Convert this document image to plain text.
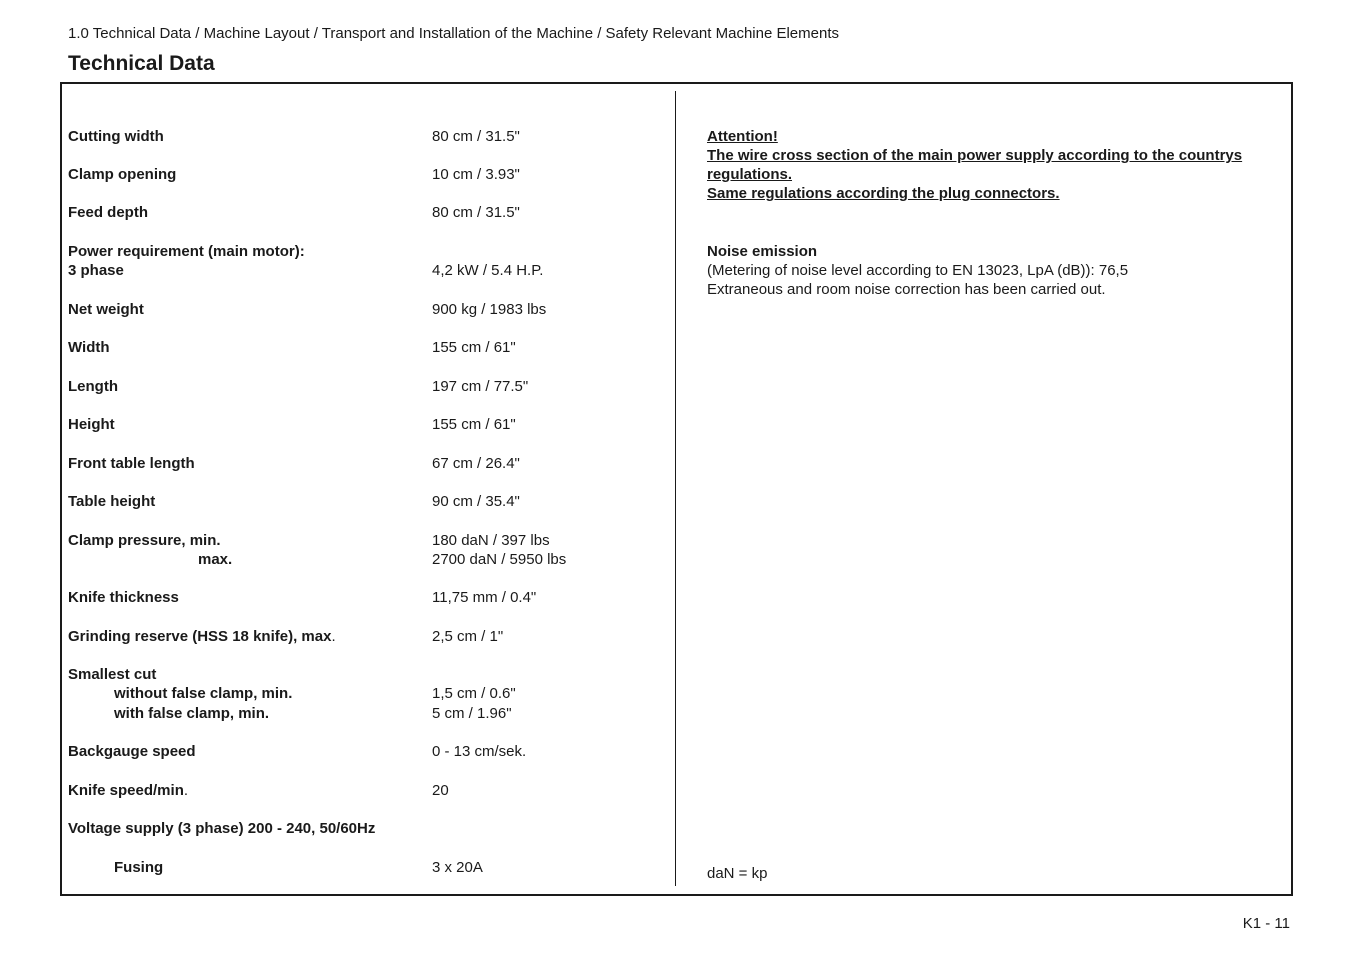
1.0 Technical Data / Machine Layout / Transport and Installation of the Machine / Safety Relevant Machine Elements
Technical Data
Cutting width	80 cm / 31.5"
Clamp opening	10 cm / 3.93"
Feed depth	80 cm / 31.5"
Power requirement (main motor):
3 phase	4,2 kW / 5.4 H.P.
Net weight	900 kg / 1983 lbs
Width	155 cm / 61"
Length	197 cm / 77.5"
Height	155 cm / 61"
Front table length	67 cm / 26.4"
Table height	90 cm / 35.4"
Clamp pressure, min.	180 daN / 397 lbs
max.	2700 daN / 5950 lbs
Knife thickness	11,75 mm / 0.4"
Grinding reserve (HSS 18 knife), max.	2,5 cm / 1"
Smallest cut
without false clamp, min.	1,5 cm / 0.6"
with false clamp, min.	5 cm / 1.96"
Backgauge speed	0 - 13 cm/sek.
Knife speed/min.	20
Voltage supply (3 phase) 200 - 240, 50/60Hz
Fusing	3 x 20A
Attention!
The wire cross section of the main power supply according to the countrys
regulations.
Same regulations according the plug connectors.
Noise emission
(Metering of noise level according to EN 13023, LpA (dB)): 76,5
Extraneous and room noise correction has been carried out.
daN = kp
K1 - 11
